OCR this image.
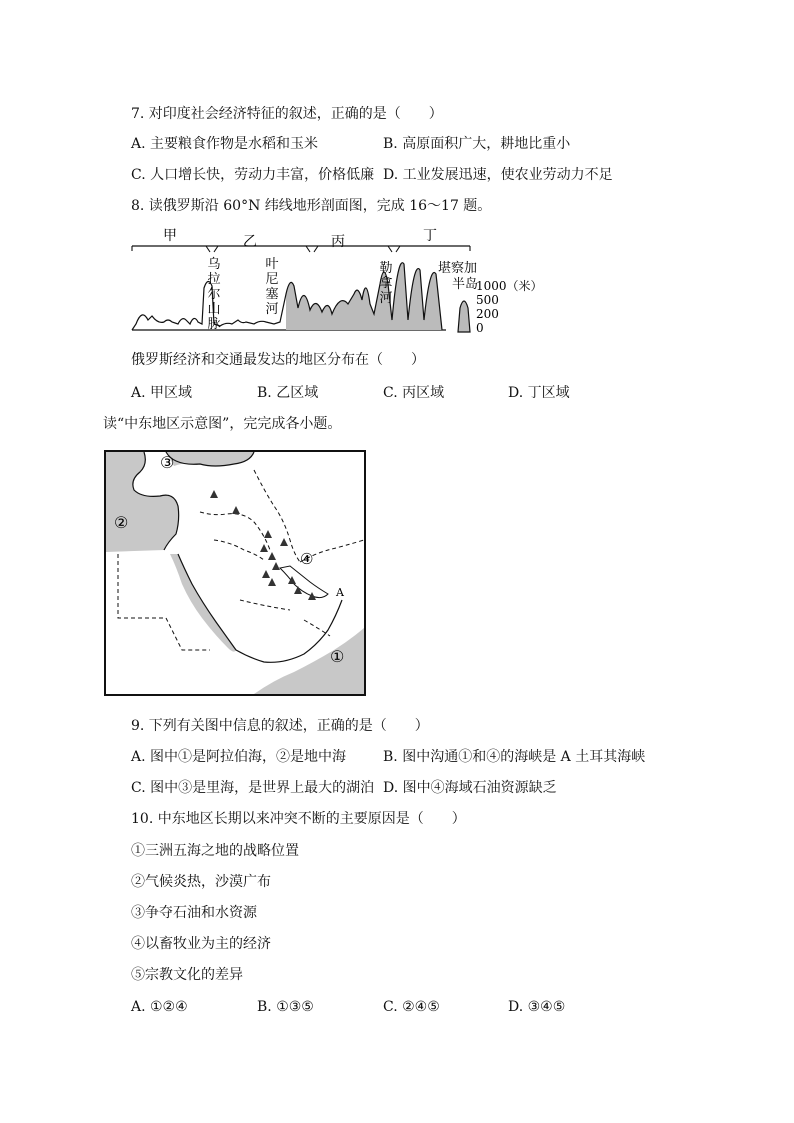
7. 对印度社会经济特征的叙述，正确的是（　　）
A. 主要粮食作物是水稻和玉米	B. 高原面积广大，耕地比重小
C. 人口增长快，劳动力丰富，价格低廉 D. 工业发展迅速，使农业劳动力不足
8. 读俄罗斯沿 60°N 纬线地形剖面图，完成 16～17 题。
甲	乙	丙	丁
乌拉尔山脉
叶尼塞河
勒拿河
堪察加
半岛
1000（米）
500
200
0
俄罗斯经济和交通最发达的地区分布在（　　）
A. 甲区域	B. 乙区域	C. 丙区域	D. 丁区域
读“中东地区示意图”，完完成各小题。
③
②
④
①
A
9. 下列有关图中信息的叙述，正确的是（　　）
A. 图中①是阿拉伯海，②是地中海	B. 图中沟通①和④的海峡是 A 土耳其海峡
C. 图中③是里海，是世界上最大的湖泊 D. 图中④海域石油资源缺乏
10. 中东地区长期以来冲突不断的主要原因是（　　）
①三洲五海之地的战略位置
②气候炎热，沙漠广布
③争夺石油和水资源
④以畜牧业为主的经济
⑤宗教文化的差异
A. ①②④	B. ①③⑤	C. ②④⑤	D. ③④⑤
